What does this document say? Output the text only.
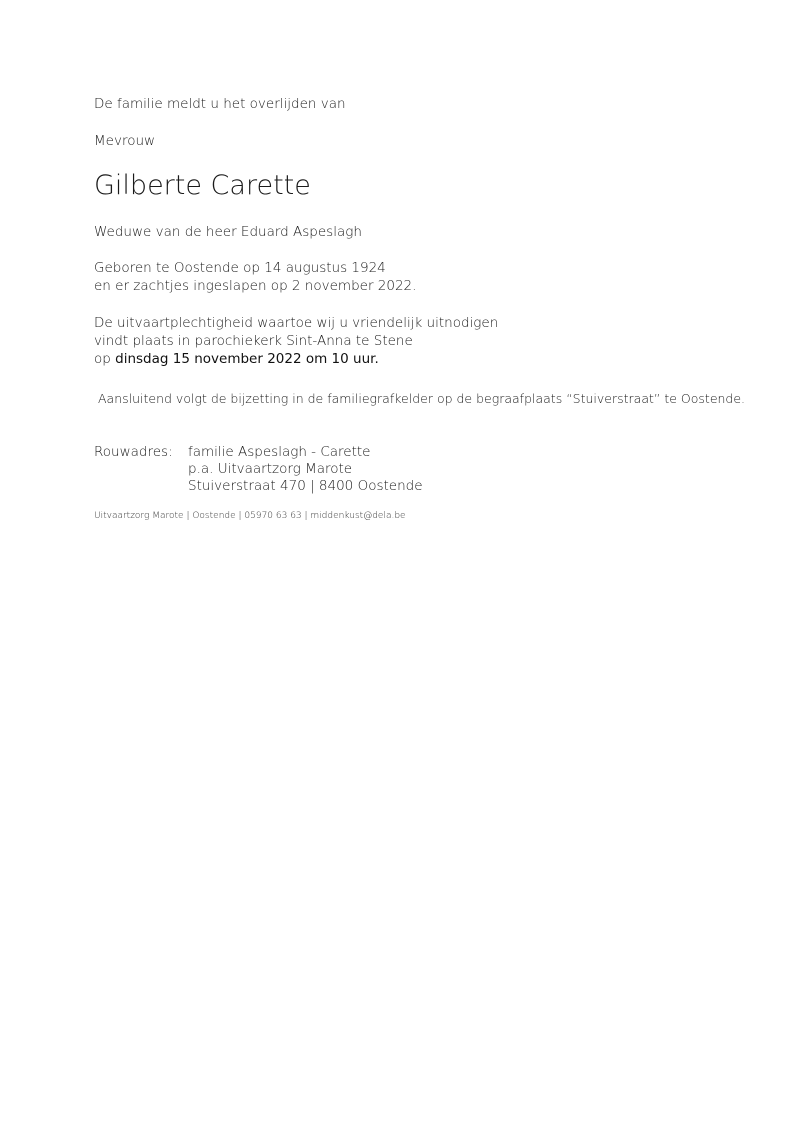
De familie meldt u het overlijden van
Mevrouw
Gilberte Carette
Weduwe van de heer Eduard Aspeslagh
Geboren te Oostende op 14 augustus 1924
en er zachtjes ingeslapen op 2 november 2022.
De uitvaartplechtigheid waartoe wij u vriendelijk uitnodigen
vindt plaats in parochiekerk Sint-Anna te Stene
op dinsdag 15 november 2022 om 10 uur.
Aansluitend volgt de bijzetting in de familiegrafkelder op de begraafplaats “Stuiverstraat” te Oostende.
Rouwadres: familie Aspeslagh - Carette
p.a. Uitvaartzorg Marote
Stuiverstraat 470 | 8400 Oostende
Uitvaartzorg Marote | Oostende | 05970 63 63 | middenkust@dela.be
